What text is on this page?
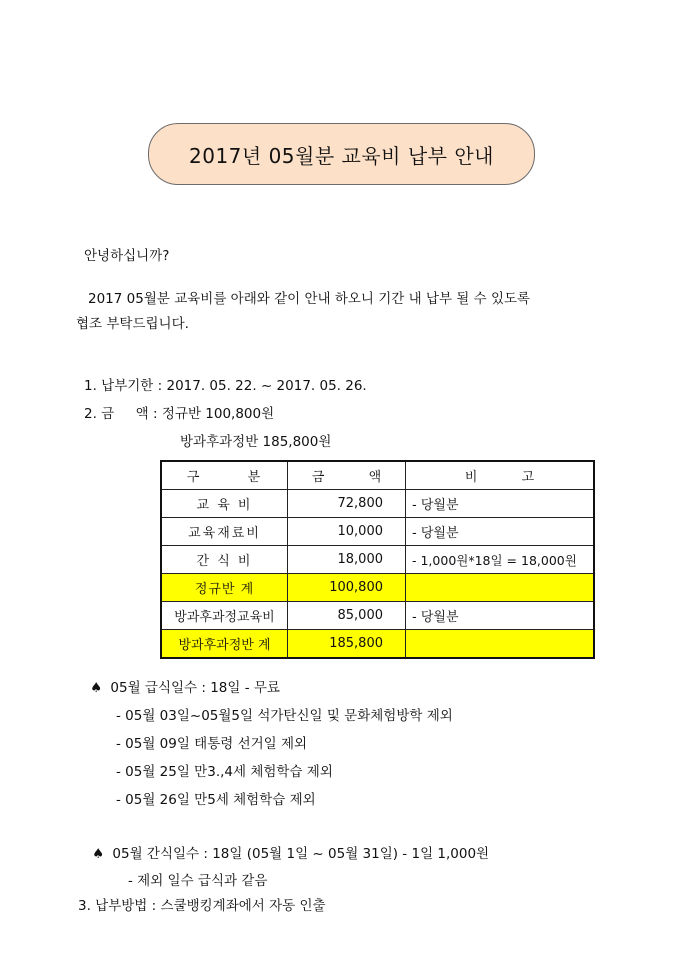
2017년 05월분 교육비 납부 안내
안녕하십니까?
2017 05월분 교육비를 아래와 같이 안내 하오니 기간 내 납부 될 수 있도록
협조 부탁드립니다.
1. 납부기한 : 2017. 05. 22. ~ 2017. 05. 26.
2. 금     액 : 정규반 100,800원
방과후과정반 185,800원
구 분	금 액	비 고
교 육 비	72,800	- 당월분
교육재료비	10,000	- 당월분
간 식 비	18,000	- 1,000원*18일 = 18,000원
정규반 계	100,800	
방과후과정교육비	85,000	- 당월분
방과후과정반 계	185,800	
♠ 05월 급식일수 : 18일 - 무료
- 05월 03일~05월5일 석가탄신일 및 문화체험방학 제외
- 05월 09일 태통령 선거일 제외
- 05월 25일 만3.,4세 체험학습 제외
- 05월 26일 만5세 체험학습 제외
♠ 05월 간식일수 : 18일 (05월 1일 ~ 05월 31일) - 1일 1,000원
- 제외 일수 급식과 같음
3. 납부방법 : 스쿨뱅킹계좌에서 자동 인출
